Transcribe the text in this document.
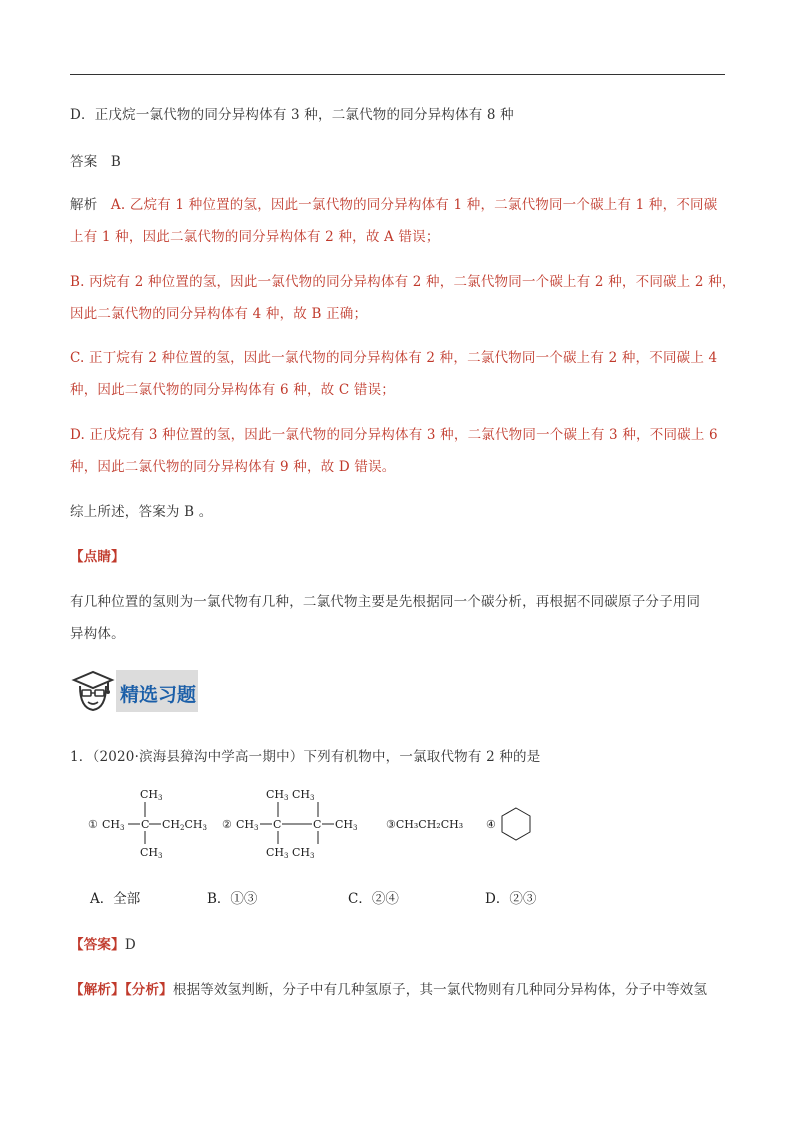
D．正戊烷一氯代物的同分异构体有 3 种，二氯代物的同分异构体有 8 种
答案 B
解析 A. 乙烷有 1 种位置的氢，因此一氯代物的同分异构体有 1 种，二氯代物同一个碳上有 1 种，不同碳
上有 1 种，因此二氯代物的同分异构体有 2 种，故 A 错误；
B. 丙烷有 2 种位置的氢，因此一氯代物的同分异构体有 2 种，二氯代物同一个碳上有 2 种，不同碳上 2 种，
因此二氯代物的同分异构体有 4 种，故 B 正确；
C. 正丁烷有 2 种位置的氢，因此一氯代物的同分异构体有 2 种，二氯代物同一个碳上有 2 种，不同碳上 4
种，因此二氯代物的同分异构体有 6 种，故 C 错误；
D. 正戊烷有 3 种位置的氢，因此一氯代物的同分异构体有 3 种，二氯代物同一个碳上有 3 种，不同碳上 6
种，因此二氯代物的同分异构体有 9 种，故 D 错误。
综上所述，答案为 B 。
【点睛】
有几种位置的氢则为一氯代物有几种，二氯代物主要是先根据同一个碳分析，再根据不同碳原子分子用同
异构体。
精选习题
1．（2020·滨海县獐沟中学高一期中）下列有机物中，一氯取代物有 2 种的是
① CH3 C CH2CH3
CH3
CH3
② CH3 C	C CH3
CH3 CH3
CH3 CH3
③CH₃CH₂CH₃ ④
A．全部	B．①③	C．②④	D．②③
【答案】D
【解析】【分析】根据等效氢判断，分子中有几种氢原子，其一氯代物则有几种同分异构体，分子中等效氢
